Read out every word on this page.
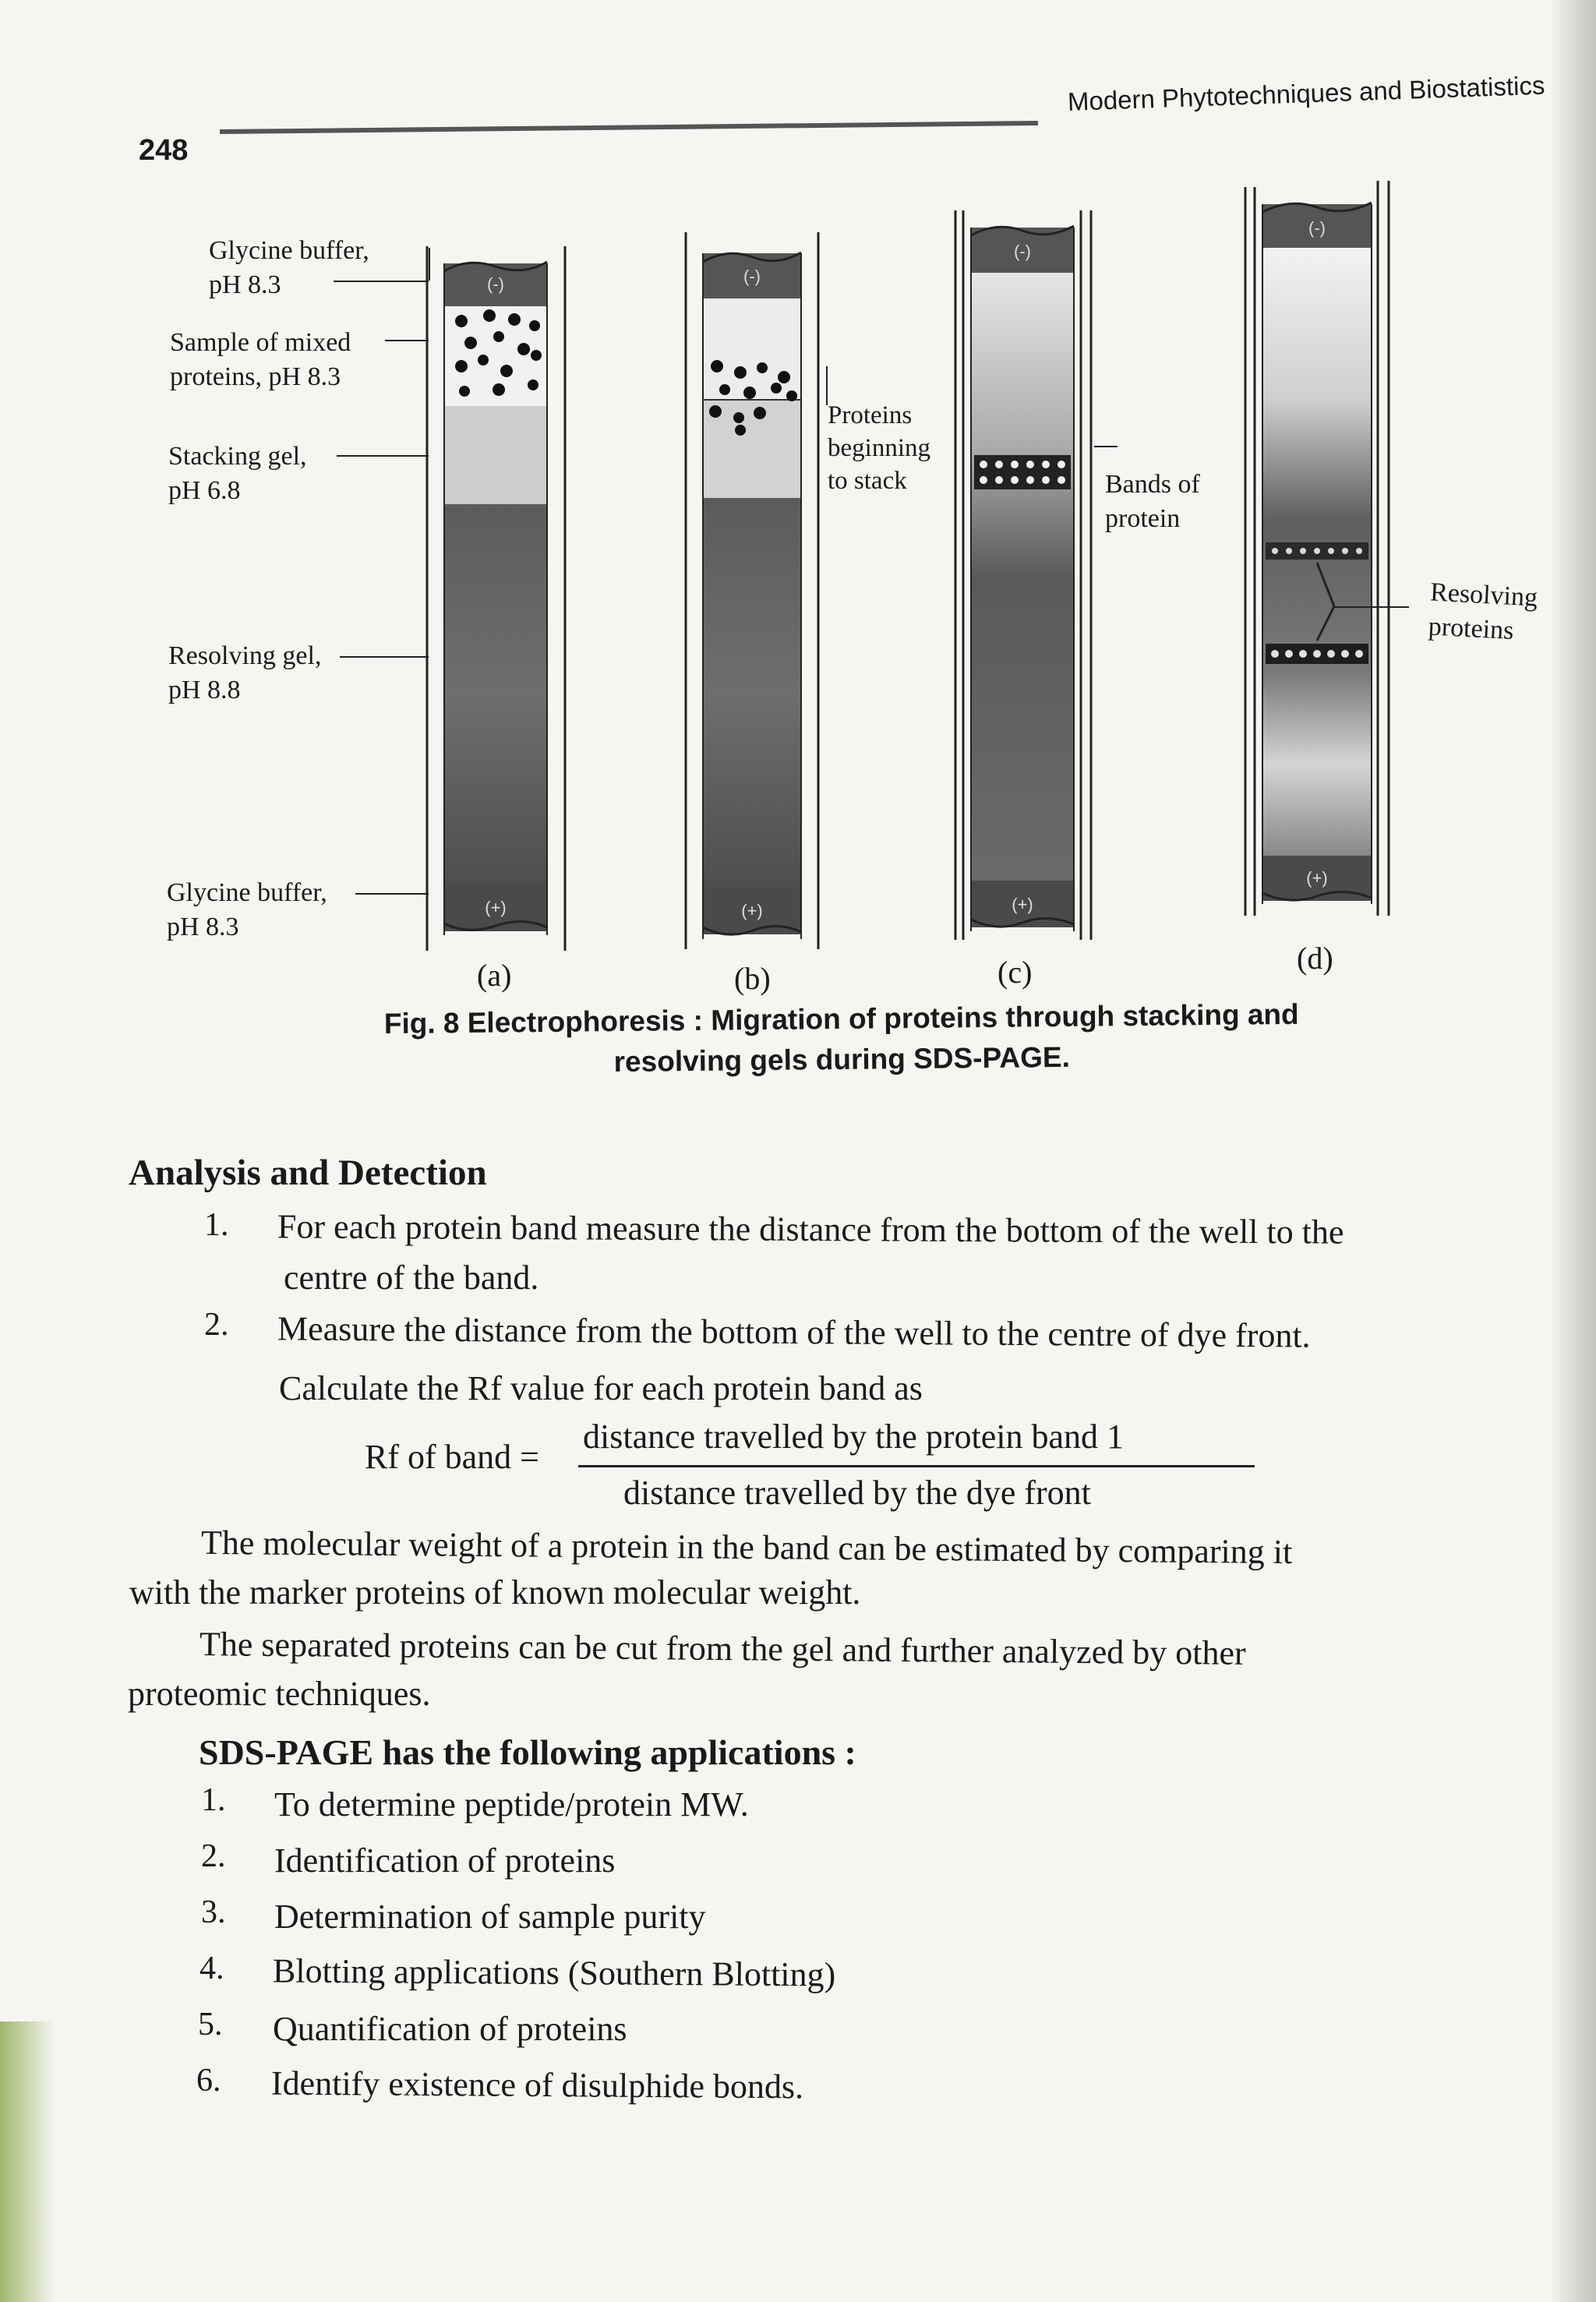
248
Modern Phytotechniques and Biostatistics
(-)	(-)
(-)
(-)
(+)	(+)	(+)
(+)
Glycine buffer,
pH 8.3
Sample of mixed
proteins, pH 8.3
Stacking gel,
pH 6.8
Resolving gel,
pH 8.8
Glycine buffer,
pH 8.3
Proteins
beginning
to stack	Bands of
protein
Resolving
proteins
(a)	(b)	(c)	(d)
Fig. 8 Electrophoresis : Migration of proteins through stacking and
resolving gels during SDS-PAGE.
Analysis and Detection
1. For each protein band measure the distance from the bottom of the well to the
centre of the band.
2. Measure the distance from the bottom of the well to the centre of dye front.
Calculate the Rf value for each protein band as
Rf of band =
distance travelled by the protein band 1
distance travelled by the dye front
The molecular weight of a protein in the band can be estimated by comparing it
with the marker proteins of known molecular weight.
The separated proteins can be cut from the gel and further analyzed by other
proteomic techniques.
SDS-PAGE has the following applications :
1. To determine peptide/protein MW.
2. Identification of proteins
3. Determination of sample purity
4. Blotting applications (Southern Blotting)
5. Quantification of proteins
6. Identify existence of disulphide bonds.
